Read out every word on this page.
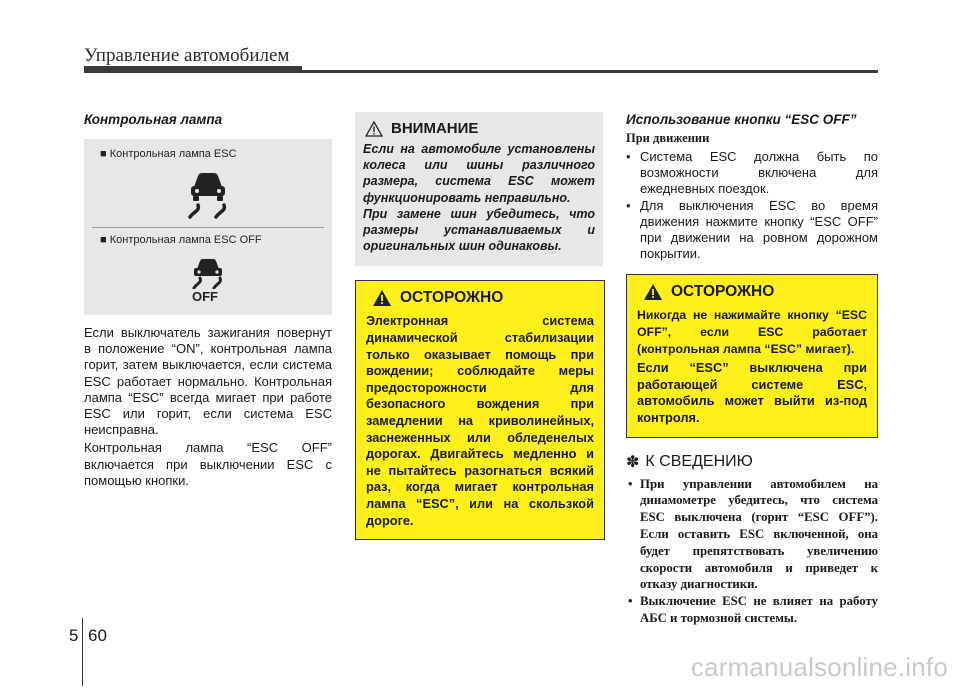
Управление автомобилем

Контрольная лампа

■ Контрольная лампа ESC
■ Контрольная лампа ESC OFF
OFF

Если выключатель зажигания повернут в положение “ON”, контрольная лампа горит, затем выключается, если система ESC работает нормально. Контрольная лампа “ESC” всегда мигает при работе ESC или горит, если система ESC неисправна.

Контрольная лампа “ESC OFF” включается при выключении ESC с помощью кнопки.

ВНИМАНИЕ

Если на автомобиле установлены колеса или шины различного размера, система ESC может функционировать неправильно.

При замене шин убедитесь, что размеры устанавливаемых и оригинальных шин одинаковы.

ОСТОРОЖНО

Электронная система динамической стабилизации только оказывает помощь при вождении; соблюдайте меры предосторожности для безопасного вождения при замедлении на криволинейных, заснеженных или обледенелых дорогах. Двигайтесь медленно и не пытайтесь разогнаться всякий раз, когда мигает контрольная лампа “ESC”, или на скользкой дороге.

Использование кнопки “ESC OFF”

При движении
• Система ESC должна быть по возможности включена для ежедневных поездок.
• Для выключения ESC во время движения нажмите кнопку “ESC OFF” при движении на ровном дорожном покрытии.
ОСТОРОЖНО

Никогда не нажимайте кнопку “ESC OFF”, если ESC работает (контрольная лампа “ESC” мигает).

Если “ESC” выключена при работающей системе ESC, автомобиль может выйти из-под контроля.

✽ К СВЕДЕНИЮ
• При управлении автомобилем на динамометре убедитесь, что система ESC выключена (горит “ESC OFF”). Если оставить ESC включенной, она будет препятствовать увеличению скорости автомобиля и приведет к отказу диагностики.
• Выключение ESC не влияет на работу АБС и тормозной системы.
5 60
carmanualsonline.info
